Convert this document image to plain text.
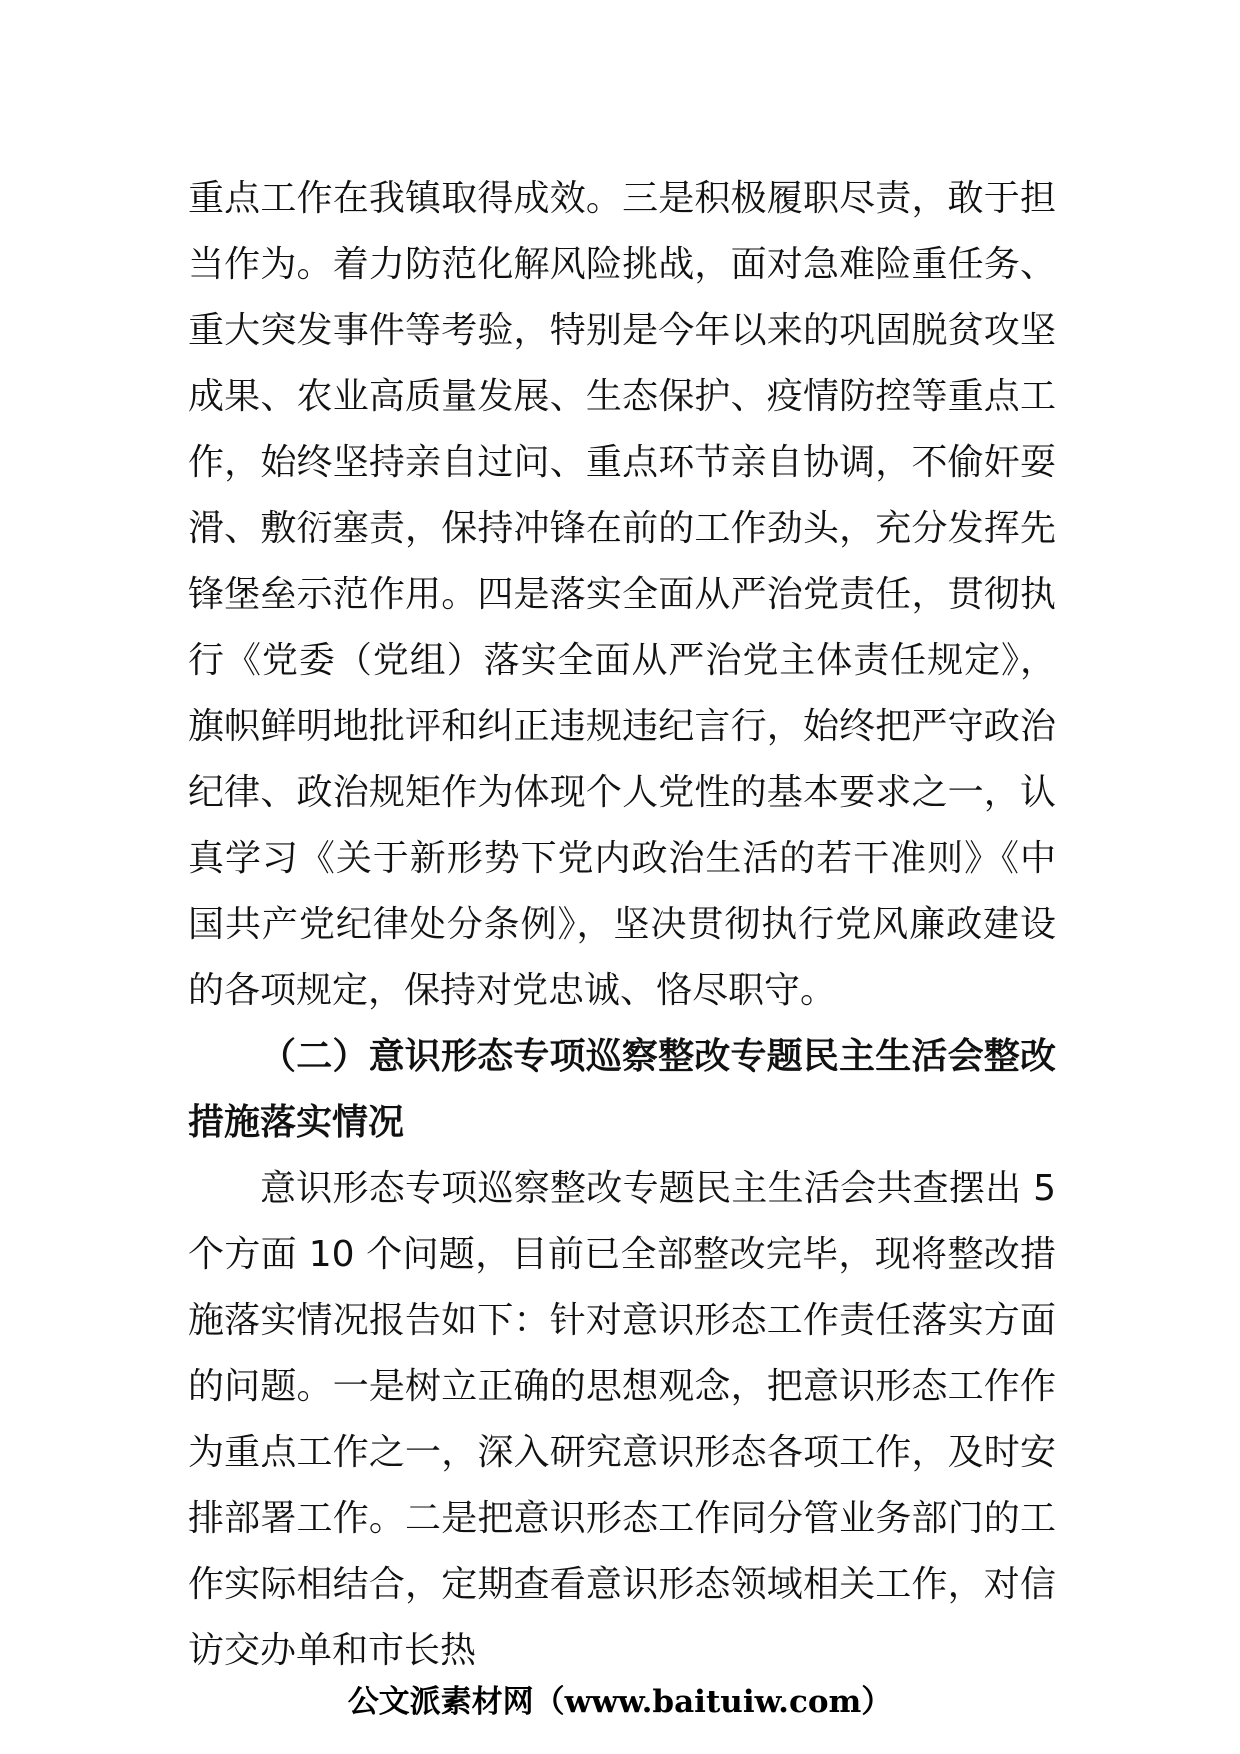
重点工作在我镇取得成效。三是积极履职尽责，敢于担当作为。着力防范化解风险挑战，面对急难险重任务、重大突发事件等考验，特别是今年以来的巩固脱贫攻坚成果、农业高质量发展、生态保护、疫情防控等重点工作，始终坚持亲自过问、重点环节亲自协调，不偷奸耍滑、敷衍塞责，保持冲锋在前的工作劲头，充分发挥先锋堡垒示范作用。四是落实全面从严治党责任，贯彻执行《党委（党组）落实全面从严治党主体责任规定》，旗帜鲜明地批评和纠正违规违纪言行，始终把严守政治纪律、政治规矩作为体现个人党性的基本要求之一，认真学习《关于新形势下党内政治生活的若干准则》《中国共产党纪律处分条例》，坚决贯彻执行党风廉政建设的各项规定，保持对党忠诚、恪尽职守。

（二）意识形态专项巡察整改专题民主生活会整改措施落实情况

意识形态专项巡察整改专题民主生活会共查摆出 5 个方面 10 个问题，目前已全部整改完毕，现将整改措施落实情况报告如下：针对意识形态工作责任落实方面的问题。一是树立正确的思想观念，把意识形态工作作为重点工作之一，深入研究意识形态各项工作，及时安排部署工作。二是把意识形态工作同分管业务部门的工作实际相结合，定期查看意识形态领域相关工作，对信访交办单和市长热

公文派素材网（www.baituiw.com）
